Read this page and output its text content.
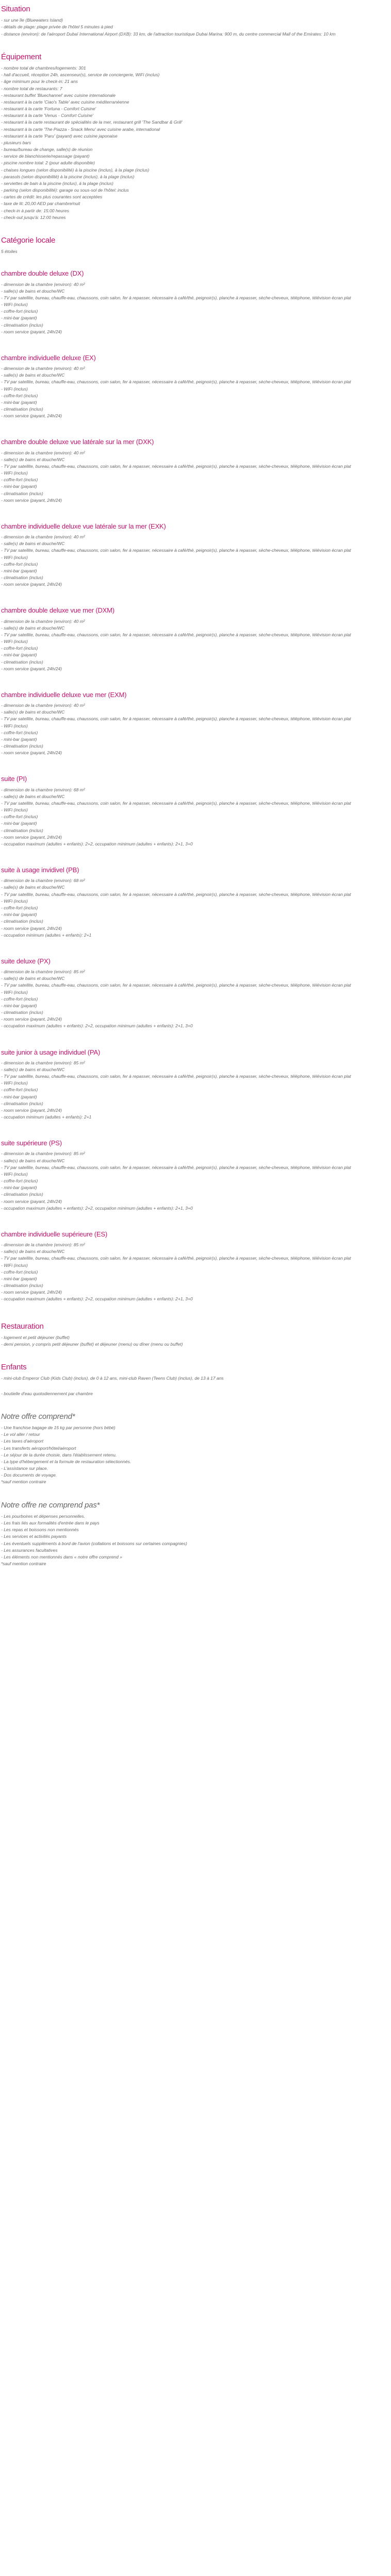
Situation
- sur une île (Bluewaters Island)
- détails de plage: plage privée de l'hôtel 5 minutes à pied
- distance (environ): de l'aéroport Dubaï International Airport (DXB): 33 km, de l'attraction touristique Dubai Marina: 900 m, du centre commercial Mall of the Emirates: 10 km
Équipement
- nombre total de chambres/logements: 301
- hall d'accueil, réception 24h, ascenseur(s), service de conciergerie, WiFi (inclus)
- âge minimum pour le check-in: 21 ans
- nombre total de restaurants: 7
- restaurant buffet 'Bluechannel' avec cuisine internationale
- restaurant à la carte 'Ciao's Table' avec cuisine méditerranéenne
- restaurant à la carte 'Fortuna - Comfort Cuisine'
- restaurant à la carte 'Venus - Comfort Cuisine'
- restaurant à la carte restaurant de spécialités de la mer, restaurant grill 'The Sandbar & Grill'
- restaurant à la carte 'The Piazza - Snack Menu' avec cuisine arabe, international
- restaurant à la carte 'Paru' (payant) avec cuisine japonaise
- plusieurs bars
- bureau/bureau de change, salle(s) de réunion
- service de blanchisserie/repassage (payant)
- piscine nombre total: 2 (pour adulte disponible)
- chaises longues (selon disponibilité) à la piscine (inclus), à la plage (inclus)
- parasols (selon disponibilité) à la piscine (inclus), à la plage (inclus)
- serviettes de bain à la piscine (inclus), à la plage (inclus)
- parking (selon disponibilité): garage ou sous-sol de l'hôtel: inclus
- cartes de crédit: les plus courantes sont acceptées
- taxe de lit: 20,00 AED par chambre/nuit
- check-in à partir de: 15:00 heures
- check-out jusqu'à: 12:00 heures
Catégorie locale
5 étoiles
chambre double deluxe (DX)
- dimension de la chambre (environ): 40 m²
- salle(s) de bains et douche/WC
- TV par satellite, bureau, chauffe-eau, chaussons, coin salon, fer à repasser, nécessaire à café/thé, peignoir(s), planche à repasser, sèche-cheveux, téléphone, télévision écran plat
- WiFi (inclus)
- coffre-fort (inclus)
- mini-bar (payant)
- climatisation (inclus)
- room service (payant, 24h/24)
chambre individuelle deluxe (EX)
- dimension de la chambre (environ): 40 m²
- salle(s) de bains et douche/WC
- TV par satellite, bureau, chauffe-eau, chaussons, coin salon, fer à repasser, nécessaire à café/thé, peignoir(s), planche à repasser, sèche-cheveux, téléphone, télévision écran plat
- WiFi (inclus)
- coffre-fort (inclus)
- mini-bar (payant)
- climatisation (inclus)
- room service (payant, 24h/24)
chambre double deluxe vue latérale sur la mer (DXK)
- dimension de la chambre (environ): 40 m²
- salle(s) de bains et douche/WC
- TV par satellite, bureau, chauffe-eau, chaussons, coin salon, fer à repasser, nécessaire à café/thé, peignoir(s), planche à repasser, sèche-cheveux, téléphone, télévision écran plat
- WiFi (inclus)
- coffre-fort (inclus)
- mini-bar (payant)
- climatisation (inclus)
- room service (payant, 24h/24)
chambre individuelle deluxe vue latérale sur la mer (EXK)
- dimension de la chambre (environ): 40 m²
- salle(s) de bains et douche/WC
- TV par satellite, bureau, chauffe-eau, chaussons, coin salon, fer à repasser, nécessaire à café/thé, peignoir(s), planche à repasser, sèche-cheveux, téléphone, télévision écran plat
- WiFi (inclus)
- coffre-fort (inclus)
- mini-bar (payant)
- climatisation (inclus)
- room service (payant, 24h/24)
chambre double deluxe vue mer (DXM)
- dimension de la chambre (environ): 40 m²
- salle(s) de bains et douche/WC
- TV par satellite, bureau, chauffe-eau, chaussons, coin salon, fer à repasser, nécessaire à café/thé, peignoir(s), planche à repasser, sèche-cheveux, téléphone, télévision écran plat
- WiFi (inclus)
- coffre-fort (inclus)
- mini-bar (payant)
- climatisation (inclus)
- room service (payant, 24h/24)
chambre individuelle deluxe vue mer (EXM)
- dimension de la chambre (environ): 40 m²
- salle(s) de bains et douche/WC
- TV par satellite, bureau, chauffe-eau, chaussons, coin salon, fer à repasser, nécessaire à café/thé, peignoir(s), planche à repasser, sèche-cheveux, téléphone, télévision écran plat
- WiFi (inclus)
- coffre-fort (inclus)
- mini-bar (payant)
- climatisation (inclus)
- room service (payant, 24h/24)
suite (PI)
- dimension de la chambre (environ): 68 m²
- salle(s) de bains et douche/WC
- TV par satellite, bureau, chauffe-eau, chaussons, coin salon, fer à repasser, nécessaire à café/thé, peignoir(s), planche à repasser, sèche-cheveux, téléphone, télévision écran plat
- WiFi (inclus)
- coffre-fort (inclus)
- mini-bar (payant)
- climatisation (inclus)
- room service (payant, 24h/24)
- occupation maximum (adultes + enfants): 2+2, occupation minimum (adultes + enfants): 2+1, 3+0
suite à usage invidivel (PB)
- dimension de la chambre (environ): 68 m²
- salle(s) de bains et douche/WC
- TV par satellite, bureau, chauffe-eau, chaussons, coin salon, fer à repasser, nécessaire à café/thé, peignoir(s), planche à repasser, sèche-cheveux, téléphone, télévision écran plat
- WiFi (inclus)
- coffre-fort (inclus)
- mini-bar (payant)
- climatisation (inclus)
- room service (payant, 24h/24)
- occupation minimum (adultes + enfants): 2+1
suite deluxe (PX)
- dimension de la chambre (environ): 85 m²
- salle(s) de bains et douche/WC
- TV par satellite, bureau, chauffe-eau, chaussons, coin salon, fer à repasser, nécessaire à café/thé, peignoir(s), planche à repasser, sèche-cheveux, téléphone, télévision écran plat
- WiFi (inclus)
- coffre-fort (inclus)
- mini-bar (payant)
- climatisation (inclus)
- room service (payant, 24h/24)
- occupation maximum (adultes + enfants): 2+2, occupation minimum (adultes + enfants): 2+1, 3+0
suite junior à usage individuel (PA)
- dimension de la chambre (environ): 85 m²
- salle(s) de bains et douche/WC
- TV par satellite, bureau, chauffe-eau, chaussons, coin salon, fer à repasser, nécessaire à café/thé, peignoir(s), planche à repasser, sèche-cheveux, téléphone, télévision écran plat
- WiFi (inclus)
- coffre-fort (inclus)
- mini-bar (payant)
- climatisation (inclus)
- room service (payant, 24h/24)
- occupation minimum (adultes + enfants): 2+1
suite supérieure (PS)
- dimension de la chambre (environ): 85 m²
- salle(s) de bains et douche/WC
- TV par satellite, bureau, chauffe-eau, chaussons, coin salon, fer à repasser, nécessaire à café/thé, peignoir(s), planche à repasser, sèche-cheveux, téléphone, télévision écran plat
- WiFi (inclus)
- coffre-fort (inclus)
- mini-bar (payant)
- climatisation (inclus)
- room service (payant, 24h/24)
- occupation maximum (adultes + enfants): 2+2, occupation minimum (adultes + enfants): 2+1, 3+0
chambre individuelle supérieure (ES)
- dimension de la chambre (environ): 85 m²
- salle(s) de bains et douche/WC
- TV par satellite, bureau, chauffe-eau, chaussons, coin salon, fer à repasser, nécessaire à café/thé, peignoir(s), planche à repasser, sèche-cheveux, téléphone, télévision écran plat
- WiFi (inclus)
- coffre-fort (inclus)
- mini-bar (payant)
- climatisation (inclus)
- room service (payant, 24h/24)
- occupation maximum (adultes + enfants): 2+2, occupation minimum (adultes + enfants): 2+1, 3+0
Restauration
- logement et petit déjeuner (buffet)
- demi pension, y compris petit déjeuner (buffet) et déjeuner (menu) ou dîner (menu ou buffet)
Enfants
- mini-club Emperor Club (Kids Club) (inclus), de 0 à 12 ans, mini-club Raven (Teens Club) (inclus), de 13 à 17 ans
- boutielle d'eau quotodiennement par chambre
Notre offre comprend*
- Une franchise bagage de 15 kg par personne (hors bébé)
- Le vol aller / retour
- Les taxes d'aéroport
- Les transferts aéroport/hôtel/aéroport
- Le séjour de la durée choisie, dans l'établissement retenu.
- La type d'hébergement et la formule de restauration sélectionnés.
- L'assistance sur place.
- Dos documents de voyage.
*sauf mention contraire
Notre offre ne comprend pas*
- Les pourboires et dépenses personnelles.
- Les frais liés aux formalités d'entrée dans le pays
- Les repas et boissons non mentionnés
- Les services et activités payants
- Les éventuels suppléments à bord de l'avion (collations et boissons sur certaines compagnies)
- Les assurances facultatives
- Les éléments non mentionnés dans « notre offre comprend »
*sauf mention contraire
